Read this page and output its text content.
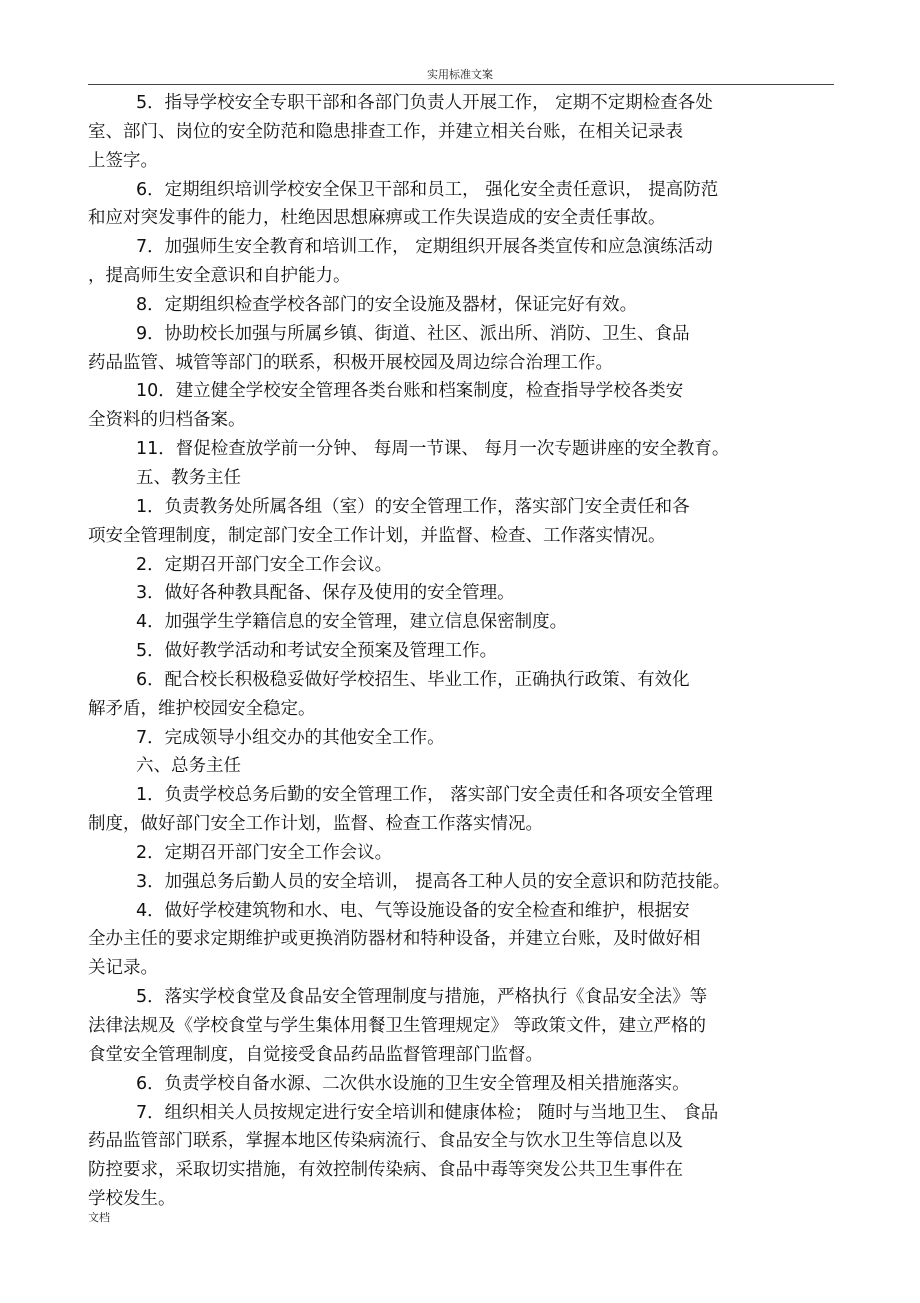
实用标准文案
5．指导学校安全专职干部和各部门负责人开展工作， 定期不定期检查各处
室、部门、岗位的安全防范和隐患排查工作，并建立相关台账，在相关记录表
上签字。
6．定期组织培训学校安全保卫干部和员工， 强化安全责任意识， 提高防范
和应对突发事件的能力，杜绝因思想麻痹或工作失误造成的安全责任事故。
7．加强师生安全教育和培训工作， 定期组织开展各类宣传和应急演练活动
，提高师生安全意识和自护能力。
8．定期组织检查学校各部门的安全设施及器材，保证完好有效。
9．协助校长加强与所属乡镇、街道、社区、派出所、消防、卫生、食品
药品监管、城管等部门的联系，积极开展校园及周边综合治理工作。
10．建立健全学校安全管理各类台账和档案制度，检查指导学校各类安
全资料的归档备案。
11．督促检查放学前一分钟、 每周一节课、 每月一次专题讲座的安全教育。
五、教务主任
1．负责教务处所属各组（室）的安全管理工作，落实部门安全责任和各
项安全管理制度，制定部门安全工作计划，并监督、检查、工作落实情况。
2．定期召开部门安全工作会议。
3．做好各种教具配备、保存及使用的安全管理。
4．加强学生学籍信息的安全管理，建立信息保密制度。
5．做好教学活动和考试安全预案及管理工作。
6．配合校长积极稳妥做好学校招生、毕业工作，正确执行政策、有效化
解矛盾，维护校园安全稳定。
7．完成领导小组交办的其他安全工作。
六、总务主任
1．负责学校总务后勤的安全管理工作， 落实部门安全责任和各项安全管理
制度，做好部门安全工作计划，监督、检查工作落实情况。
2．定期召开部门安全工作会议。
3．加强总务后勤人员的安全培训， 提高各工种人员的安全意识和防范技能。
4．做好学校建筑物和水、电、气等设施设备的安全检查和维护，根据安
全办主任的要求定期维护或更换消防器材和特种设备，并建立台账，及时做好相
关记录。
5．落实学校食堂及食品安全管理制度与措施，严格执行《食品安全法》等
法律法规及《学校食堂与学生集体用餐卫生管理规定》 等政策文件，建立严格的
食堂安全管理制度，自觉接受食品药品监督管理部门监督。
6．负责学校自备水源、二次供水设施的卫生安全管理及相关措施落实。
7．组织相关人员按规定进行安全培训和健康体检； 随时与当地卫生、 食品
药品监管部门联系，掌握本地区传染病流行、食品安全与饮水卫生等信息以及
防控要求，采取切实措施，有效控制传染病、食品中毒等突发公共卫生事件在
学校发生。
文档
